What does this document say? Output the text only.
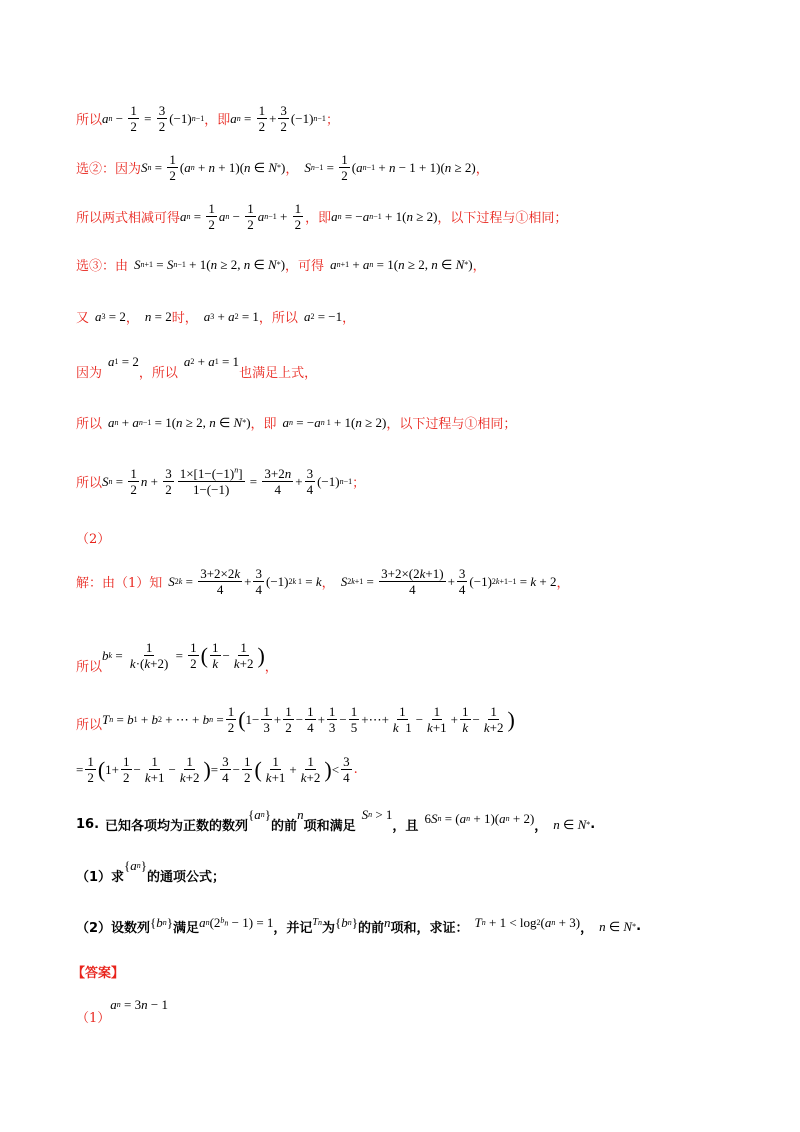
所以 a n − 1
2
= 3
2
(−1) n−1 ，即 a n = 1
2
+ 3
2
(−1) n−1 ；
选②：因为 S n = 1
2
( a n + n + 1)( n ∈ N * ) ， S n−1 = 1
2
( a n−1 + n − 1 + 1)( n ≥ 2) ，
所以两式相减可得 a n = 1
2
a n − 1
2
a n−1 + 1
2 ，即 a n = − a n−1 + 1( n ≥ 2) ，以下过程与①相同；
选③：由 S n+1 = S n−1 + 1( n ≥ 2, n ∈ N * ) ，可得 a n+1 + a n = 1( n ≥ 2, n ∈ N * ) ，
又 a 3 = 2 ， n = 2 时， a 3 + a 2 = 1 ，所以 a 2 = −1 ，
因为
a 1 = 2
，所以
a 2 + a 1 = 1
也满足上式，
所以 a n + a n−1 = 1( n ≥ 2, n ∈ N * ) ，即 a n = − a n 1 + 1( n ≥ 2) ，以下过程与①相同；
所以 S n = 1
2
n + 3
2
$1\times[1-(-1)^n]$
1−(−1)
= 3+2n
4
+ 3
4
(−1) n−1 ；
（2）
解：由（1）知 S 2k = 3+2×2k
4
+ 3
4
(−1) 2k 1 = k ， S 2k+1 = 3+2×(2k+1)
4
+ 3
4
(−1) 2k+1−1 = k + 2 ，
所以
b k = 1
k·(k+2)
= 1
2 ( 1
k
− 1
k+2 ) ，
所以 T n = b 1 + b 2 + ⋯ + b n = 1
2 ( 1− 1
3
+ 1
2
− 1
4
+ 1
3
− 1
5
+⋯+ 1
k  1
− 1
k+1
+ 1
k
− 1
k+2 )
= 1
2 ( 1+ 1
2
− 1
k+1
− 1
k+2 ) = 3
4
− 1
2 ( 1
k+1
+ 1
k+2 ) < 3
4
.
16. 已知各项均为正数的数列
{ a n }
的前
n
项和满足
S n > 1
，且
6 S n = ( a n + 1)( a n + 2)
， n ∈ N * .
（1）求
{ a n }
的通项公式；
（2）设数列 { b n } 满足 a n (2 $b_n - 1) = 1$ ，并记 T n 为 { b n } 的前 n 项和，求证： T n + 1 < log 2 ( a n + 3) ， n ∈ N * .
【答案】
（1）
a n = 3 n − 1
